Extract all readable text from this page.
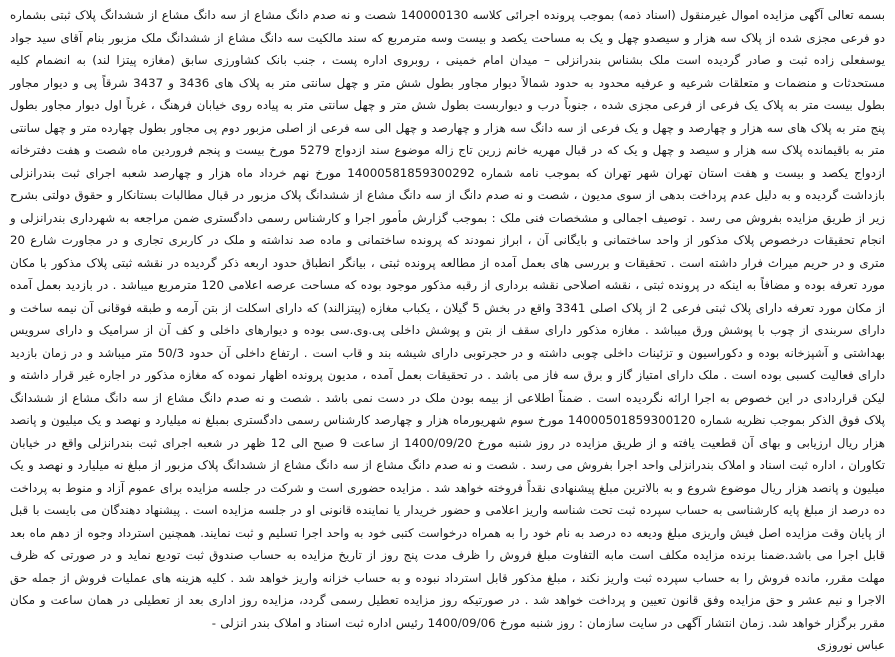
بسمه تعالی آگهی مزایده اموال غیرمنقول (اسناد ذمه) بموجب پرونده اجرائی کلاسه 140000130 شصت و نه صدم دانگ مشاع از سه دانگ مشاع از ششدانگ پلاک ثبتی بشماره دو فرعی مجزی شده از پلاک سه هزار و سیصدو چهل و یک به مساحت یکصد و بیست وسه مترمربع که سند مالکیت سه دانگ مشاع از ششدانگ ملک مزبور بنام آقای سید جواد یوسفعلی زاده ثبت و صادر گردیده است ملک بشناس بندرانزلی – میدان امام خمینی ، روبروی اداره پست ، جنب بانک کشاورزی سابق (مغازه پیتزا لند) به انضمام کلیه مستحدثات و منضمات و متعلقات شرعیه و عرفیه محدود به حدود شمالاً دیوار مجاور بطول شش متر و چهل سانتی متر به پلاک های 3436 و 3437 شرقاً پی و دیوار مجاور بطول بیست متر به پلاک یک فرعی از فرعی مجزی شده ، جنوباً درب و دیواربست بطول شش متر و چهل سانتی متر به پیاده روی خیابان فرهنگ ، غرباً اول دیوار مجاور بطول پنج متر به پلاک های سه هزار و چهارصد و چهل و یک فرعی از سه دانگ سه هزار و چهارصد و چهل الی سه فرعی از اصلی مزبور دوم پی مجاور بطول چهارده متر و چهل سانتی متر به باقیمانده پلاک سه هزار و سیصد و چهل و یک که در قبال مهریه خانم زرین تاج زاله موضوع سند ازدواج 5279 مورخ بیست و پنجم فروردین ماه شصت و هفت دفترخانه ازدواج یکصد و بیست و هفت استان تهران شهر تهران که بموجب نامه شماره 14000581859300292 مورخ نهم خرداد ماه هزار و چهارصد شعبه اجرای ثبت بندرانزلی بازداشت گردیده و به دلیل عدم پرداخت بدهی از سوی مدیون ، شصت و نه صدم دانگ از سه دانگ مشاع از ششدانگ پلاک مزبور در قبال مطالبات بستانکار و حقوق دولتی بشرح زیر از طریق مزایده بفروش می رسد . توصیف اجمالی و مشخصات فنی ملک : بموجب گزارش مأمور اجرا و کارشناس رسمی دادگستری ضمن مراجعه به شهرداری بندرانزلی و انجام تحقیقات درخصوص پلاک مذکور از واحد ساختمانی و بایگانی آن ، ابراز نمودند که پرونده ساختمانی و ماده صد نداشته و ملک در کاربری تجاری و در مجاورت شارع 20 متری و در حریم میراث فرار داشته است . تحقیقات و بررسی های بعمل آمده از مطالعه پرونده ثبتی ، بیانگر انطباق حدود اربعه ذکر گردیده در نقشه ثبتی پلاک مذکور با مکان مورد تعرفه بوده و مضافاً به اینکه در پرونده ثبتی ، نقشه اصلاحی نقشه برداری از رقبه مذکور موجود بوده که مساحت عرصه اعلامی 120 مترمربع میباشد . در بازدید بعمل آمده از مکان مورد تعرفه دارای پلاک ثبتی فرعی 2 از پلاک اصلی 3341 واقع در بخش 5 گیلان ، یکباب مغازه (پیتزالند) که دارای اسکلت از بتن آرمه و طبقه فوقانی آن نیمه ساخت و دارای سربندی از چوب با پوشش ورق میباشد . مغازه مذکور دارای سقف از بتن و پوشش داخلی پی.وی.سی بوده و دیوارهای داخلی و کف آن از سرامیک و دارای سرویس بهداشتی و آشپزخانه بوده و دکوراسیون و تزئینات داخلی چوبی داشته و در حجرتوبی دارای شیشه بند و قاب است . ارتفاع داخلی آن حدود 50/3 متر میباشد و در زمان بازدید دارای فعالیت کسبی بوده است . ملک دارای امتیاز گاز و برق سه فاز می باشد . در تحقیقات بعمل آمده ، مدیون پرونده اظهار نموده که مغازه مذکور در اجاره غیر قرار داشته و لیکن قراردادی در این خصوص به اجرا ارائه نگردیده است . ضمناً اطلاعی از بیمه بودن ملک در دست نمی باشد . شصت و نه صدم دانگ مشاع از سه دانگ مشاع از ششدانگ پلاک فوق الذکر بموجب نظریه شماره 14000501859300120 مورخ سوم شهریورماه هزار و چهارصد کارشناس رسمی دادگستری بمبلغ نه میلیارد و نهصد و یک میلیون و پانصد هزار ریال ارزیابی و بهای آن قطعیت یافته و از طریق مزایده در روز شنبه مورخ 1400/09/20 از ساعت 9 صبح الی 12 ظهر در شعبه اجرای ثبت بندرانزلی واقع در خیابان تکاوران ، اداره ثبت اسناد و املاک بندرانزلی واحد اجرا بفروش می رسد . شصت و نه صدم دانگ مشاع از سه دانگ مشاع از ششدانگ پلاک مزبور از مبلغ نه میلیارد و نهصد و یک میلیون و پانصد هزار ریال موضوع شروع و به بالاترین مبلغ پیشنهادی نقداً فروخته خواهد شد . مزایده حضوری است و شرکت در جلسه مزایده برای عموم آزاد و منوط به پرداخت ده درصد از مبلغ پایه کارشناسی به حساب سپرده ثبت تحت شناسه واریز اعلامی و حضور خریدار یا نماینده قانونی او در جلسه مزایده است . پیشنهاد دهندگان می بایست با قبل از پایان وقت مزایده اصل فیش واریزی مبلغ ودیعه ده درصد به نام خود را به همراه درخواست کتبی خود به واحد اجرا تسلیم و ثبت نمایند. همچنین استرداد وجوه از دهم ماه بعد قابل اجرا می باشد.ضمنا برنده مزایده مکلف است مابه التفاوت مبلغ فروش را ظرف مدت پنج روز از تاریخ مزایده به حساب صندوق ثبت تودیع نماید و در صورتی که ظرف مهلت مقرر، مانده فروش را به حساب سپرده ثبت واریز نکند ، مبلغ مذکور قابل استرداد نبوده و به حساب خزانه واریز خواهد شد . کلیه هزینه های عملیات فروش از جمله حق الاجرا و نیم عشر و حق مزایده وفق قانون تعیین و پرداخت خواهد شد . در صورتیکه روز مزایده تعطیل رسمی گردد، مزایده روز اداری بعد از تعطیلی در همان ساعت و مکان مقرر برگزار خواهد شد. زمان انتشار آگهی در سایت سازمان : روز شنبه مورخ 1400/09/06 رئیس اداره ثبت اسناد و املاک بندر انزلی -

عباس نوروزی
